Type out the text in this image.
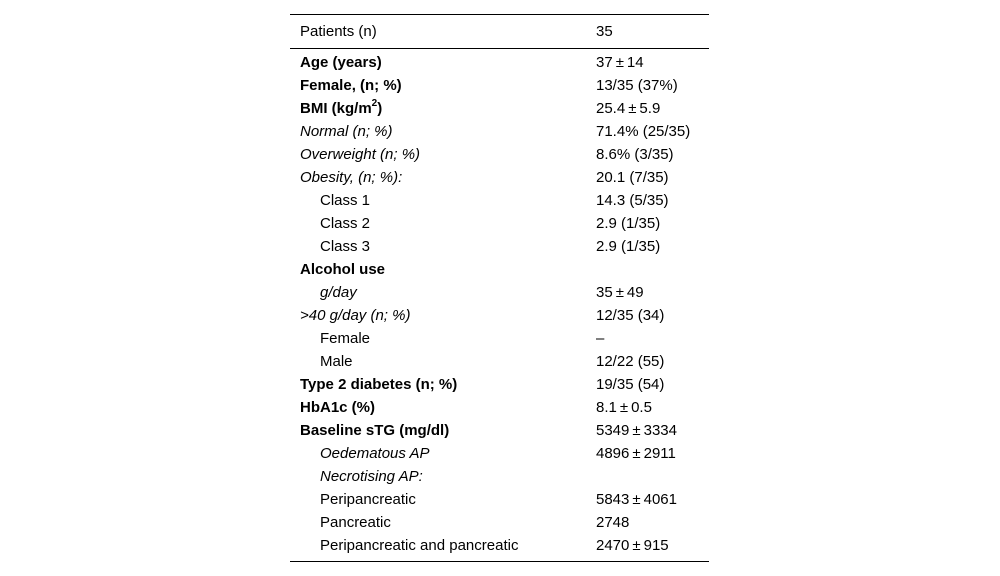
Patients (n)	35
Age (years)	37 ± 14
Female, (n; %)	13/35 (37%)
BMI $(kg/m^2)$	25.4 ± 5.9
Normal (n; %)	71.4% (25/35)
Overweight (n; %)	8.6% (3/35)
Obesity, (n; %):	20.1 (7/35)
Class 1	14.3 (5/35)
Class 2	2.9 (1/35)
Class 3	2.9 (1/35)
Alcohol use	
g/day	35 ± 49
>40 g/day (n; %)	12/35 (34)
Female	–
Male	12/22 (55)
Type 2 diabetes (n; %)	19/35 (54)
HbA1c (%)	8.1 ± 0.5
Baseline sTG (mg/dl)	5349 ± 3334
Oedematous AP	4896 ± 2911
Necrotising AP:	
Peripancreatic	5843 ± 4061
Pancreatic	2748
Peripancreatic and pancreatic	2470 ± 915
